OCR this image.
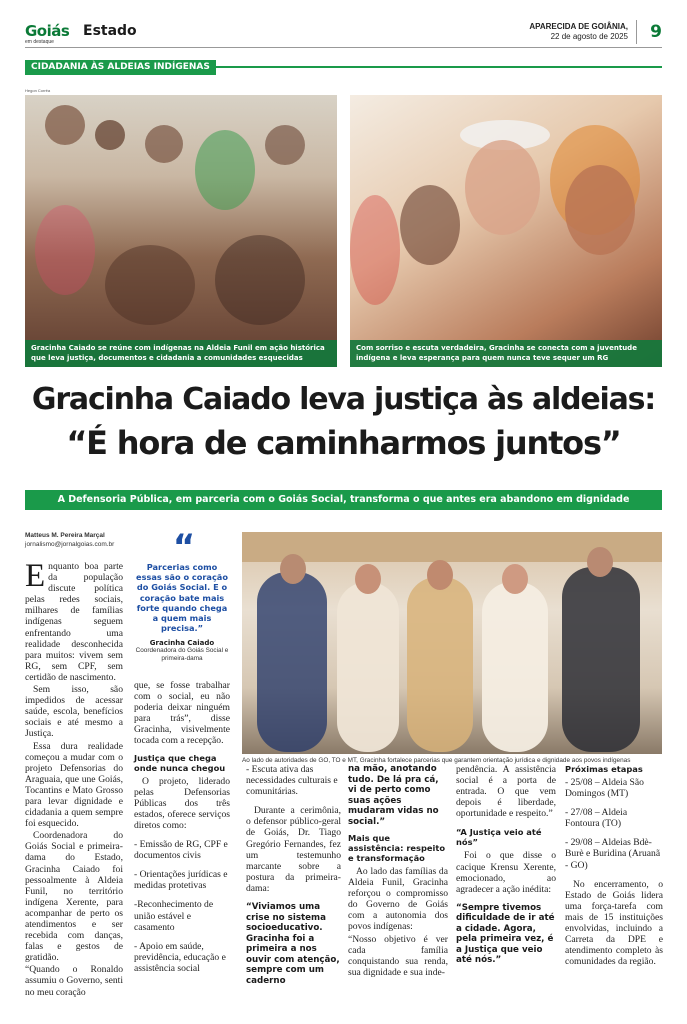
Goiás
em destaque
Estado	APARECIDA DE GOIÂNIA,
22 de agosto de 2025	9
CIDADANIA ÀS ALDEIAS INDÍGENAS
Hegon Corrêa
Gracinha Caiado se reúne com indígenas na Aldeia Funil em ação histórica que leva justiça, documentos e cidadania a comunidades esquecidas
Com sorriso e escuta verdadeira, Gracinha se conecta com a juventude indígena e leva esperança para quem nunca teve sequer um RG
Gracinha Caiado leva justiça às aldeias:
“É hora de caminharmos juntos”
A Defensoria Pública, em parceria com o Goiás Social, transforma o que antes era abandono em dignidade
Matteus M. Pereira Marçal
jornalismo@jornalgoias.com.br	“
Parcerias como essas são o coração do Goiás Social. E o coração bate mais forte quando chega a quem mais precisa.”
Gracinha Caiado
Coordenadora do Goiás Social e primeira-dama

Enquanto boa parte da população discute política pelas redes sociais, milhares de famílias indígenas seguem enfrentando uma realidade desconhecida para muitos: vivem sem RG, sem CPF, sem certidão de nascimento.

Sem isso, são impedidos de acessar saúde, escola, benefícios sociais e até mesmo a Justiça.

Essa dura realidade começou a mudar com o projeto Defensorias do Araguaia, que une Goiás, Tocantins e Mato Grosso para levar dignidade e cidadania a quem sempre foi esquecido.

Coordenadora do Goiás Social e primeira-dama do Estado, Gracinha Caiado foi pessoalmente à Aldeia Funil, no território indígena Xerente, para acompanhar de perto os atendimentos e ser recebida com danças, falas e gestos de gratidão.

“Quando o Ronaldo assumiu o Governo, senti no meu coração

que, se fosse trabalhar com o social, eu não poderia deixar ninguém para trás”, disse Gracinha, visivelmente tocada com a recepção.

Justiça que chega onde nunca chegou

O projeto, liderado pelas Defensorias Públicas dos três estados, oferece serviços diretos como:

- Emissão de RG, CPF e documentos civis

- Orientações jurídicas e medidas protetivas

-Reconhecimento de união estável e casamento

- Apoio em saúde, previdência, educação e assistência social

Ao lado de autoridades de GO, TO e MT, Gracinha fortalece parcerias que garantem orientação jurídica e dignidade aos povos indígenas

- Escuta ativa das necessidades culturais e comunitárias.

Durante a cerimônia, o defensor público-geral de Goiás, Dr. Tiago Gregório Fernandes, fez um testemunho marcante sobre a postura da primeira-dama:

“Viviamos uma crise no sistema socioeducativo. Gracinha foi a primeira a nos ouvir com atenção, sempre com um caderno

na mão, anotando tudo. De lá pra cá, vi de perto como suas ações mudaram vidas no social.”

Mais que assistência: respeito e transformação

Ao lado das famílias da Aldeia Funil, Gracinha reforçou o compromisso do Governo de Goiás com a autonomia dos povos indígenas:

“Nosso objetivo é ver cada família conquistando sua renda, sua dignidade e sua inde-

pendência. A assistência social é a porta de entrada. O que vem depois é liberdade, oportunidade e respeito.”

“A Justiça veio até nós”

Foi o que disse o cacique Krensu Xerente, emocionado, ao agradecer a ação inédita:

“Sempre tivemos dificuldade de ir até a cidade. Agora, pela primeira vez, é a Justiça que veio até nós.”

Próximas etapas

- 25/08 – Aldeia São Domingos (MT)

- 27/08 – Aldeia Fontoura (TO)

- 29/08 – Aldeias Bdè-Burè e Buridina (Aruanã - GO)

No encerramento, o Estado de Goiás lidera uma força-tarefa com mais de 15 instituições envolvidas, incluindo a Carreta da DPE e atendimento completo às comunidades da região.
